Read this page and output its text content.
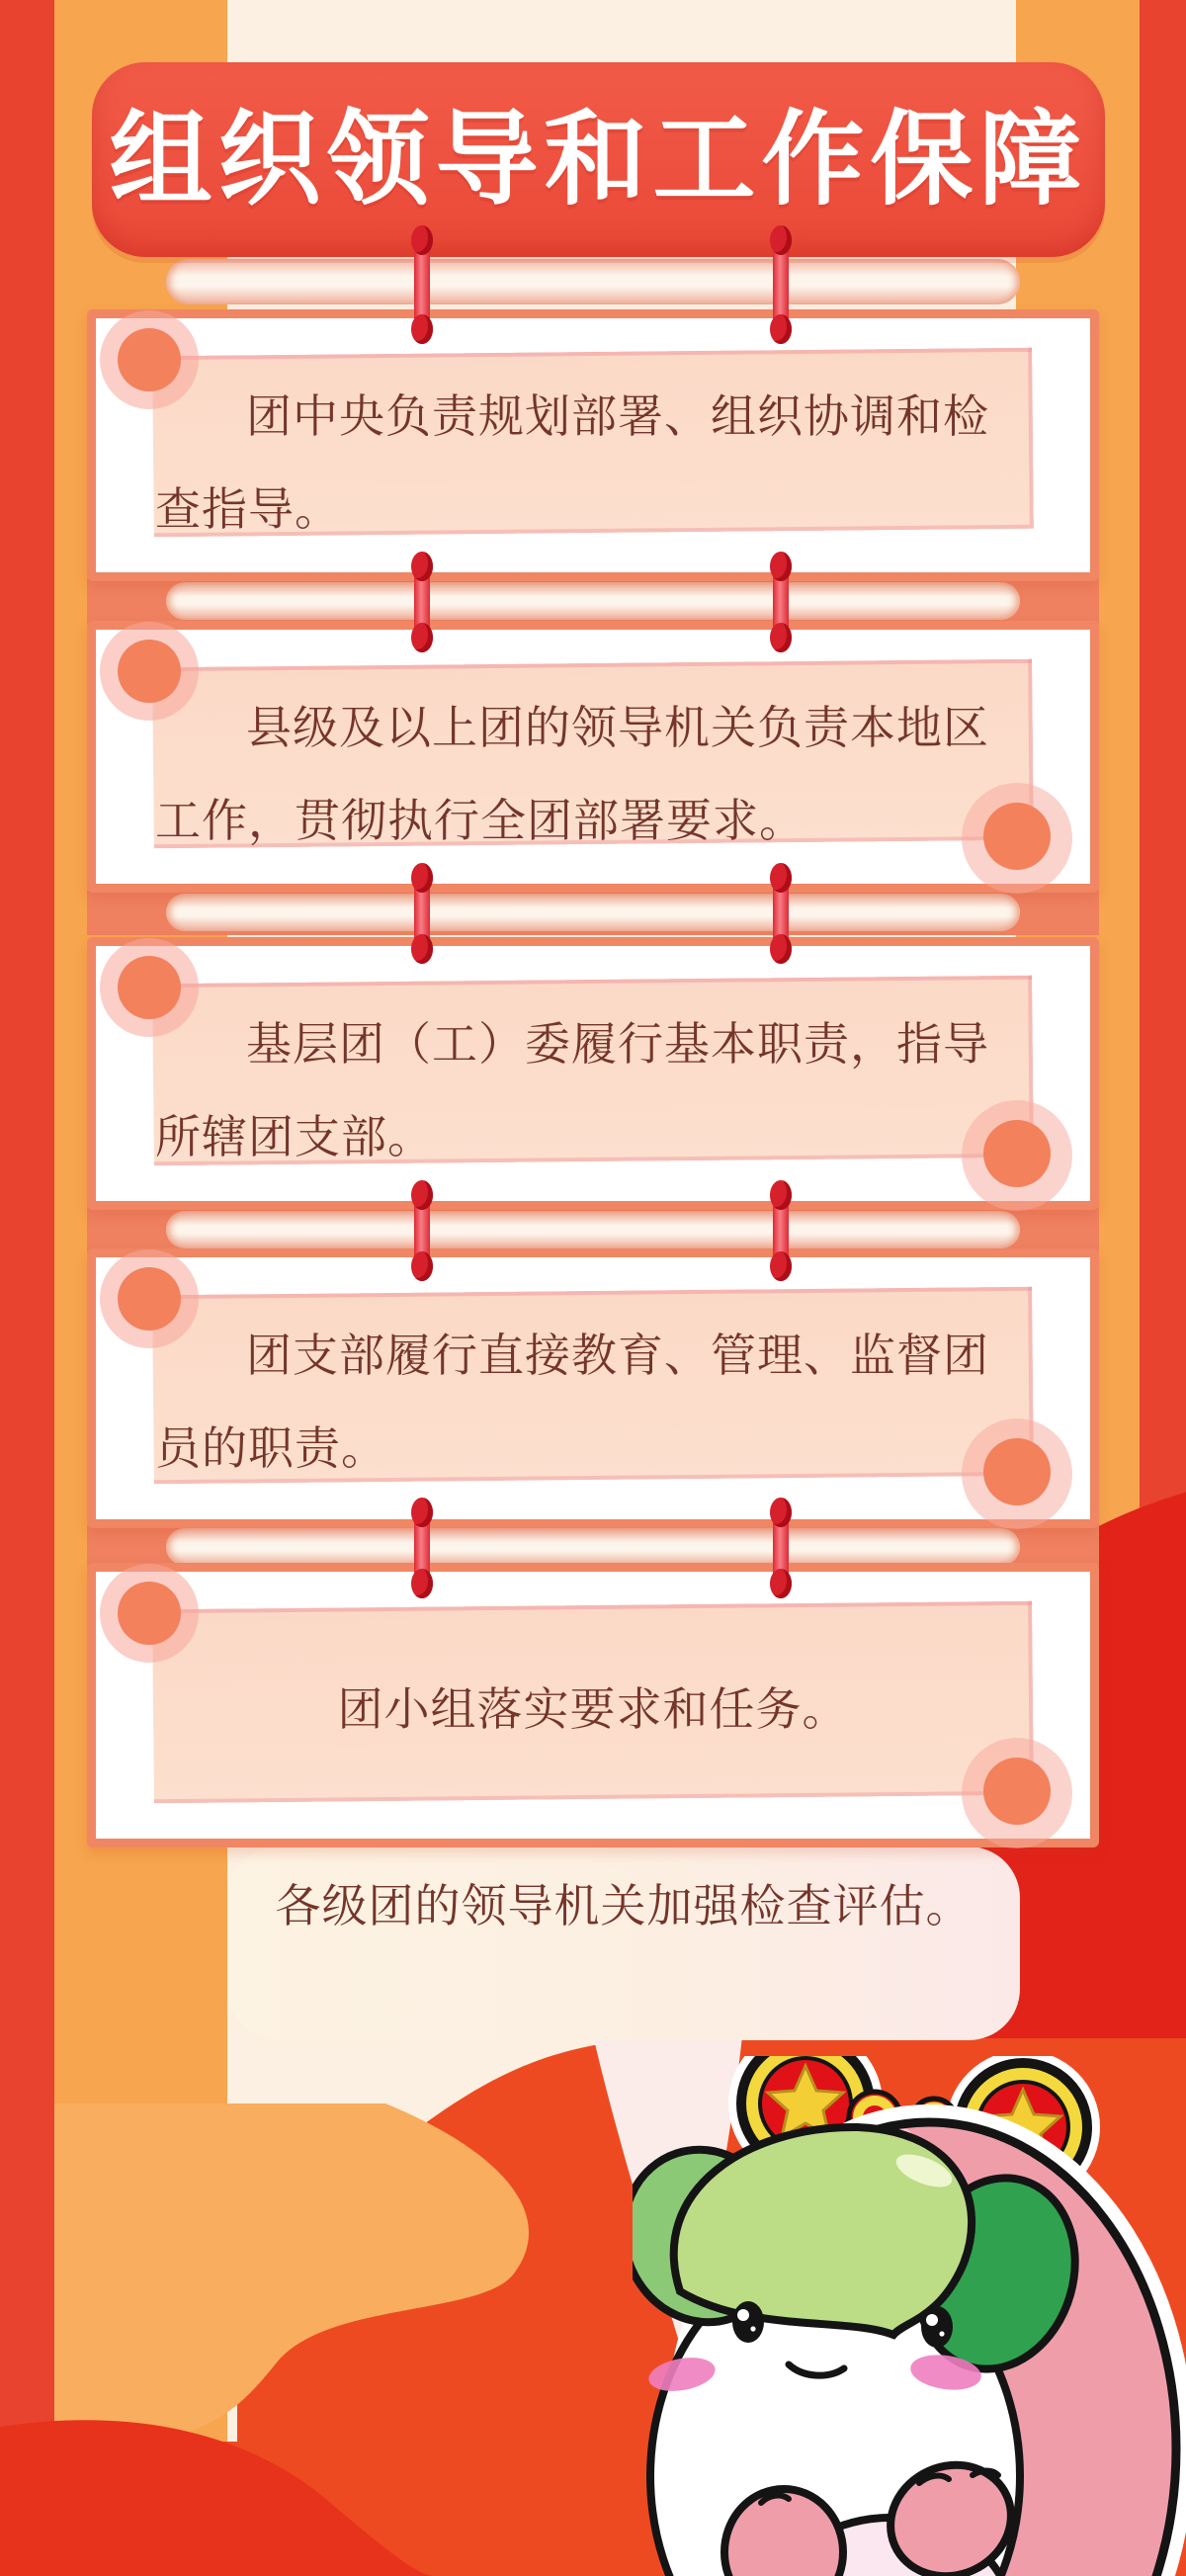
组织领导和工作保障

团中央负责规划部署、组织协调和检查指导。

县级及以上团的领导机关负责本地区工作，贯彻执行全团部署要求。

基层团（工）委履行基本职责，指导所辖团支部。

团支部履行直接教育、管理、监督团员的职责。

团小组落实要求和任务。

各级团的领导机关加强检查评估。
